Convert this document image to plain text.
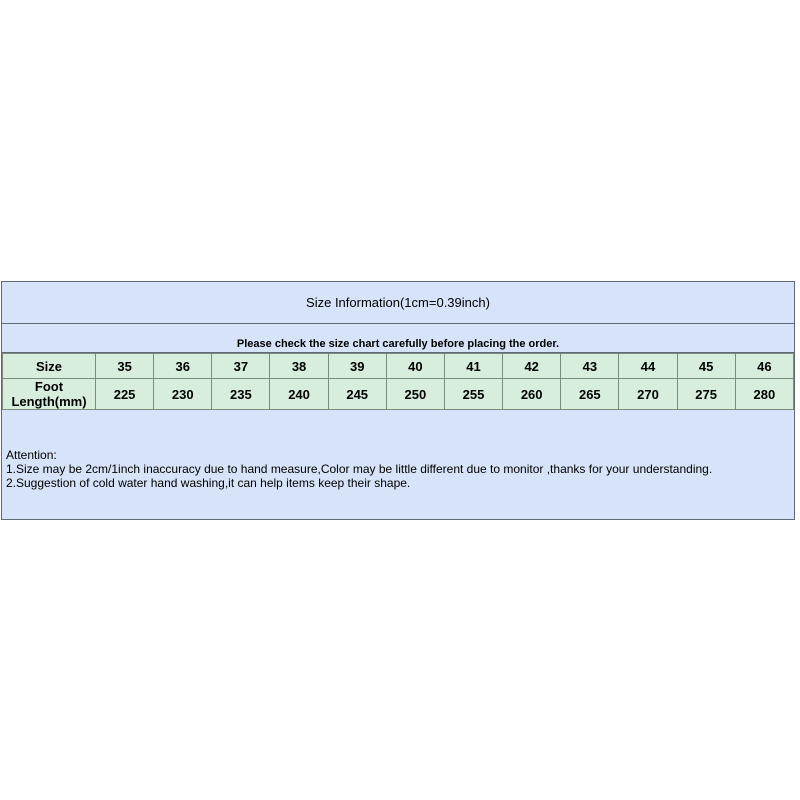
Size Information(1cm=0.39inch)
Please check the size chart carefully before placing the order.
Size	35	36	37	38	39	40	41	42	43	44	45	46
Foot Length(mm)	225	230	235	240	245	250	255	260	265	270	275	280
Attention:
1.Size may be 2cm/1inch inaccuracy due to hand measure,Color may be little different due to monitor ,thanks for your understanding.
2.Suggestion of cold water hand washing,it can help items keep their shape.
